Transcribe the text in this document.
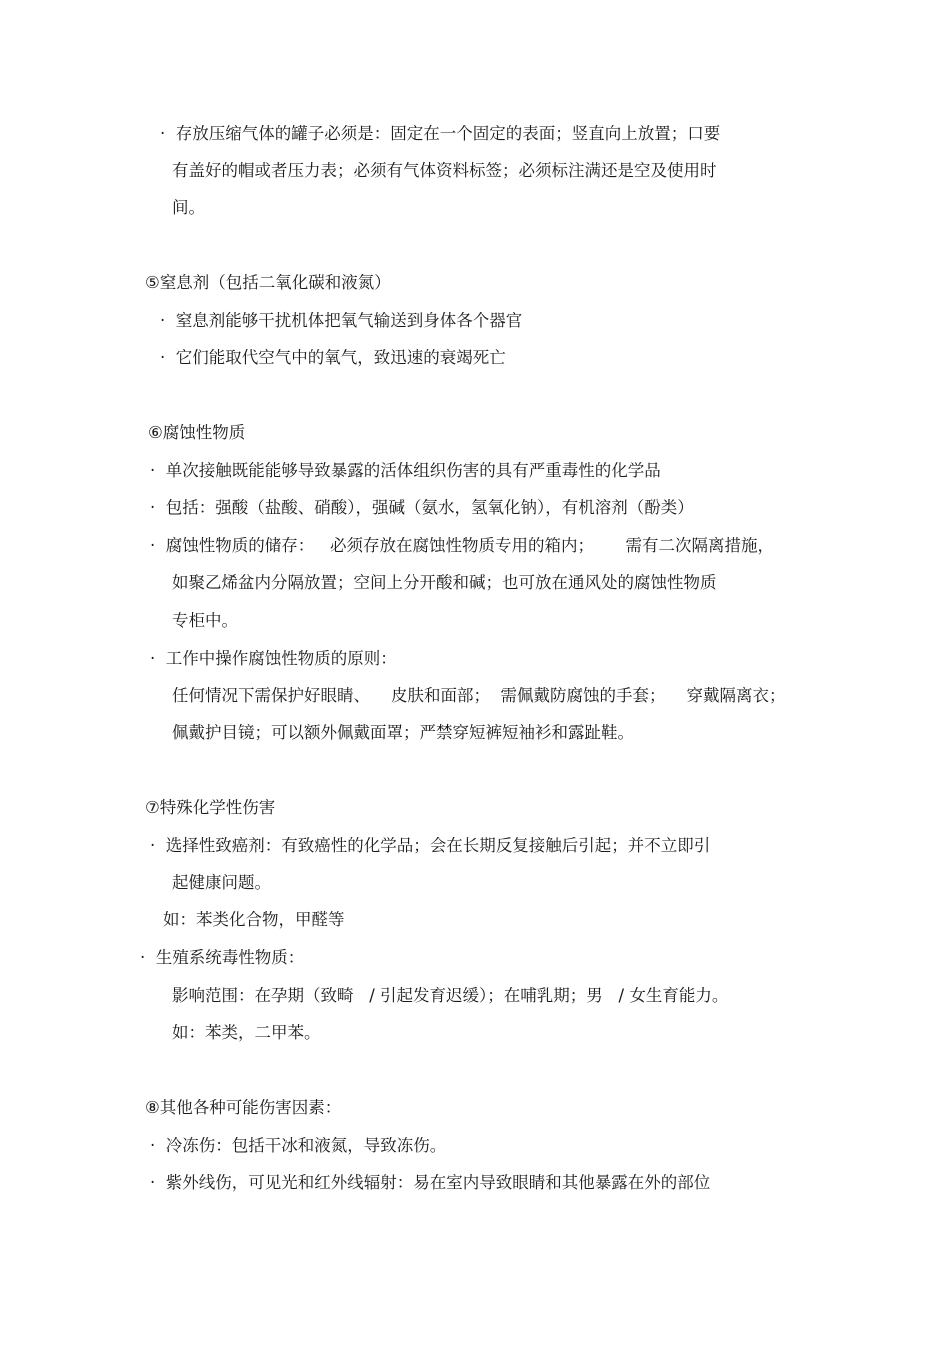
·  存放压缩气体的罐子必须是：固定在一个固定的表面；竖直向上放置；口要
有盖好的帽或者压力表；必须有气体资料标签；必须标注满还是空及使用时
间。
⑤窒息剂（包括二氧化碳和液氮）
·  窒息剂能够干扰机体把氧气输送到身体各个器官
·  它们能取代空气中的氧气，致迅速的衰竭死亡
⑥腐蚀性物质
·  单次接触既能能够导致暴露的活体组织伤害的具有严重毒性的化学品
·  包括：强酸（盐酸、硝酸），强碱（氨水，氢氧化钠），有机溶剂（酚类）
·  腐蚀性物质的储存：   必须存放在腐蚀性物质专用的箱内；      需有二次隔离措施，
如聚乙烯盆内分隔放置；空间上分开酸和碱；也可放在通风处的腐蚀性物质
专柜中。
·  工作中操作腐蚀性物质的原则：
任何情况下需保护好眼睛、    皮肤和面部；  需佩戴防腐蚀的手套；    穿戴隔离衣；
佩戴护目镜；可以额外佩戴面罩；严禁穿短裤短袖衫和露趾鞋。
⑦特殊化学性伤害
·  选择性致癌剂：有致癌性的化学品；会在长期反复接触后引起；并不立即引
起健康问题。
如：苯类化合物，甲醛等
·  生殖系统毒性物质：
影响范围：在孕期（致畸   / 引起发育迟缓）；在哺乳期；男   / 女生育能力。
如：苯类，二甲苯。
⑧其他各种可能伤害因素：
·  冷冻伤：包括干冰和液氮，导致冻伤。
·  紫外线伤，可见光和红外线辐射：易在室内导致眼睛和其他暴露在外的部位
